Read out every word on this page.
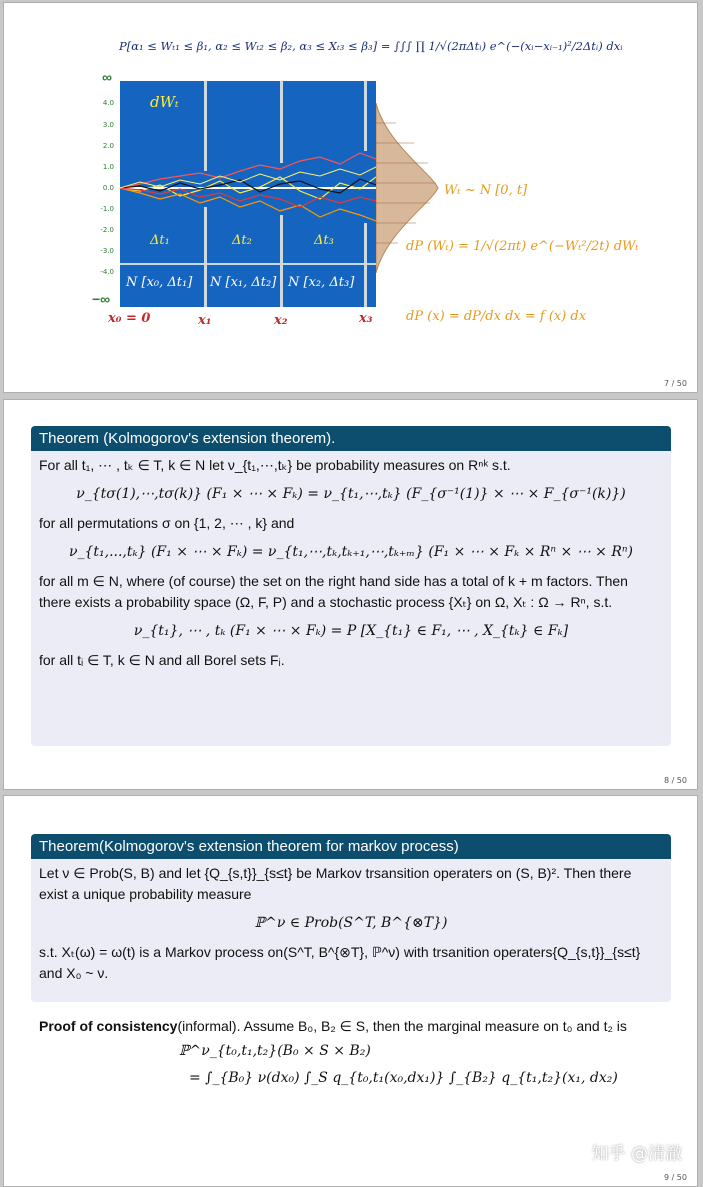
P[α₁ ≤ Wₜ₁ ≤ β₁, α₂ ≤ Wₜ₂ ≤ β₂, α₃ ≤ Xₜ₃ ≤ β₃] = ∫∫∫ ∏ 1/√(2πΔtᵢ) e^(−(xᵢ−xᵢ₋₁)²/2Δtᵢ) dxᵢ
∞
4.0
3.0
2.0
1.0
0.0
-1.0
-2.0
-3.0
-4.0
−∞
dWₜ
Δt₁	Δt₂	Δt₃
N [x₀, Δt₁] N [x₁, Δt₂] N [x₂, Δt₃]
x₀ = 0	x₁	x₂	x₃
Wₜ ~ N [0, t]
dP (Wₜ) = 1/√(2πt) e^(−Wₜ²/2t) dWₜ
dP (x) = dP/dx dx = f (x) dx
7 / 50
Theorem (Kolmogorov's extension theorem).

For all t₁, ⋯ , tₖ ∈ T, k ∈ N let ν_{t₁,⋯,tₖ} be probability measures on Rⁿᵏ s.t.

ν_{tσ(1),⋯,tσ(k)} (F₁ × ⋯ × Fₖ) = ν_{t₁,⋯,tₖ} (F_{σ⁻¹(1)} × ⋯ × F_{σ⁻¹(k)})

for all permutations σ on {1, 2, ⋯ , k} and

ν_{t₁,...,tₖ} (F₁ × ⋯ × Fₖ) = ν_{t₁,⋯,tₖ,tₖ₊₁,⋯,tₖ₊ₘ} (F₁ × ⋯ × Fₖ × Rⁿ × ⋯ × Rⁿ)

for all m ∈ N, where (of course) the set on the right hand side has a total of k + m factors. Then there exists a probability space (Ω, F, P) and a stochastic process {Xₜ} on Ω, Xₜ : Ω → Rⁿ, s.t.

ν_{t₁}, ⋯ , tₖ (F₁ × ⋯ × Fₖ) = P [X_{t₁} ∈ F₁, ⋯ , X_{tₖ} ∈ Fₖ]

for all tᵢ ∈ T, k ∈ N and all Borel sets Fᵢ.

8 / 50
Theorem(Kolmogorov's extension theorem for markov process)

Let ν ∈ Prob(S, B) and let {Q_{s,t}}_{s≤t} be Markov trsansition operaters on (S, B)². Then there exist a unique probability measure

ℙ^ν ∈ Prob(S^T, B^{⊗T})

s.t. Xₜ(ω) = ω(t) is a Markov process on(S^T, B^{⊗T}, ℙ^ν) with trsanition operaters{Q_{s,t}}_{s≤t} and X₀ ~ ν.

Proof of consistency(informal). Assume B₀, B₂ ∈ S, then the marginal measure on t₀ and t₂ is
ℙ^ν_{t₀,t₁,t₂}(B₀ × S × B₂)
= ∫_{B₀} ν(dx₀) ∫_S q_{t₀,t₁(x₀,dx₁)} ∫_{B₂} q_{t₁,t₂}(x₁, dx₂)
知乎 @清澈
9 / 50
